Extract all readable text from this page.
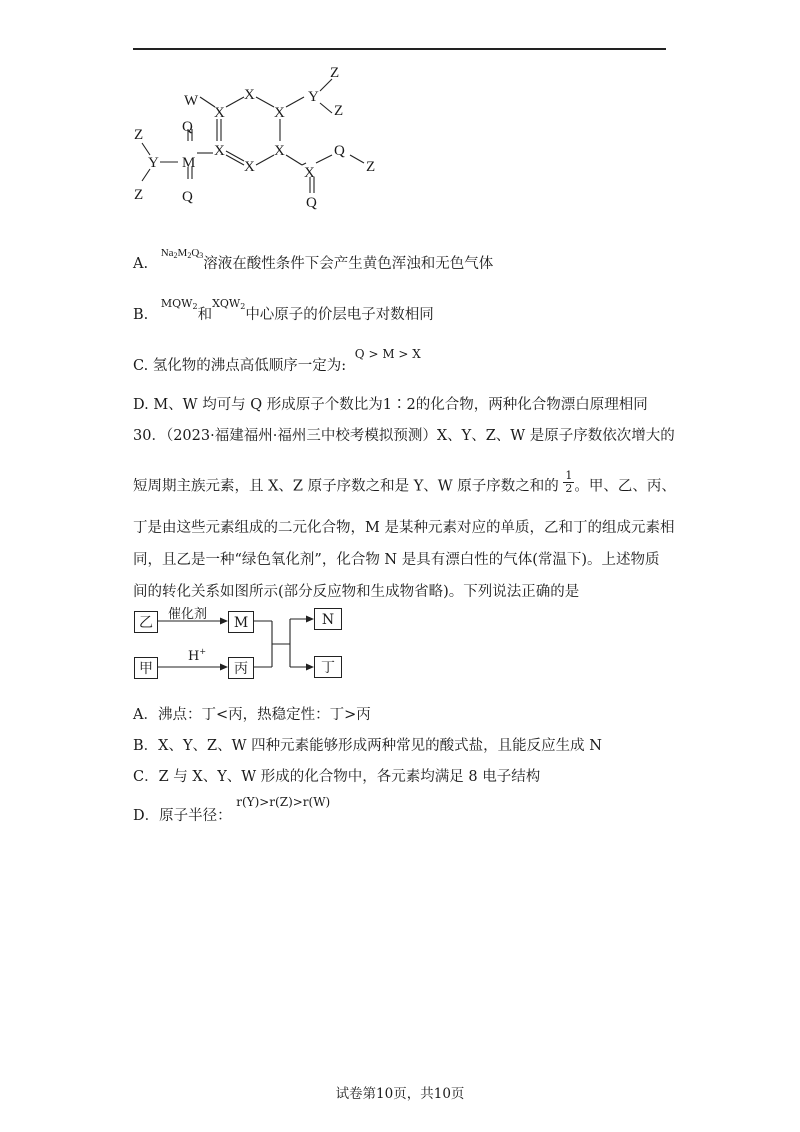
W	X
X
Y
Z
Z
Z
Z
Y M
Q
Q
X
X
X
X	Q
Z
Q
X
A. $Na_2M_2Q_3$溶液在酸性条件下会产生黄色浑浊和无色气体
B. $MQW_2$和$XQW_2$中心原子的价层电子对数相同
C. 氢化物的沸点高低顺序一定为: $^{Q > M > X}$
D. M、W 均可与 Q 形成原子个数比为1∶2的化合物，两种化合物漂白原理相同
30．（2023·福建福州·福州三中校考模拟预测）X、Y、Z、W 是原子序数依次增大的
短周期主族元素，且 X、Z 原子序数之和是 Y、W 原子序数之和的 $\frac{1}{2}$ 。甲、乙、丙、
丁是由这些元素组成的二元化合物，M 是某种元素对应的单质，乙和丁的组成元素相
同，且乙是一种“绿色氧化剂”，化合物 N 是具有漂白性的气体(常温下)。上述物质
间的转化关系如图所示(部分反应物和生成物省略)。下列说法正确的是
乙
催化剂
M	N
甲
H+
丙	丁
A．沸点：丁<丙，热稳定性：丁>丙
B．X、Y、Z、W 四种元素能够形成两种常见的酸式盐，且能反应生成 N
C．Z 与 X、Y、W 形成的化合物中，各元素均满足 8 电子结构
D．原子半径： $^{r(Y)>r(Z)>r(W)}$
试卷第10页，共10页
